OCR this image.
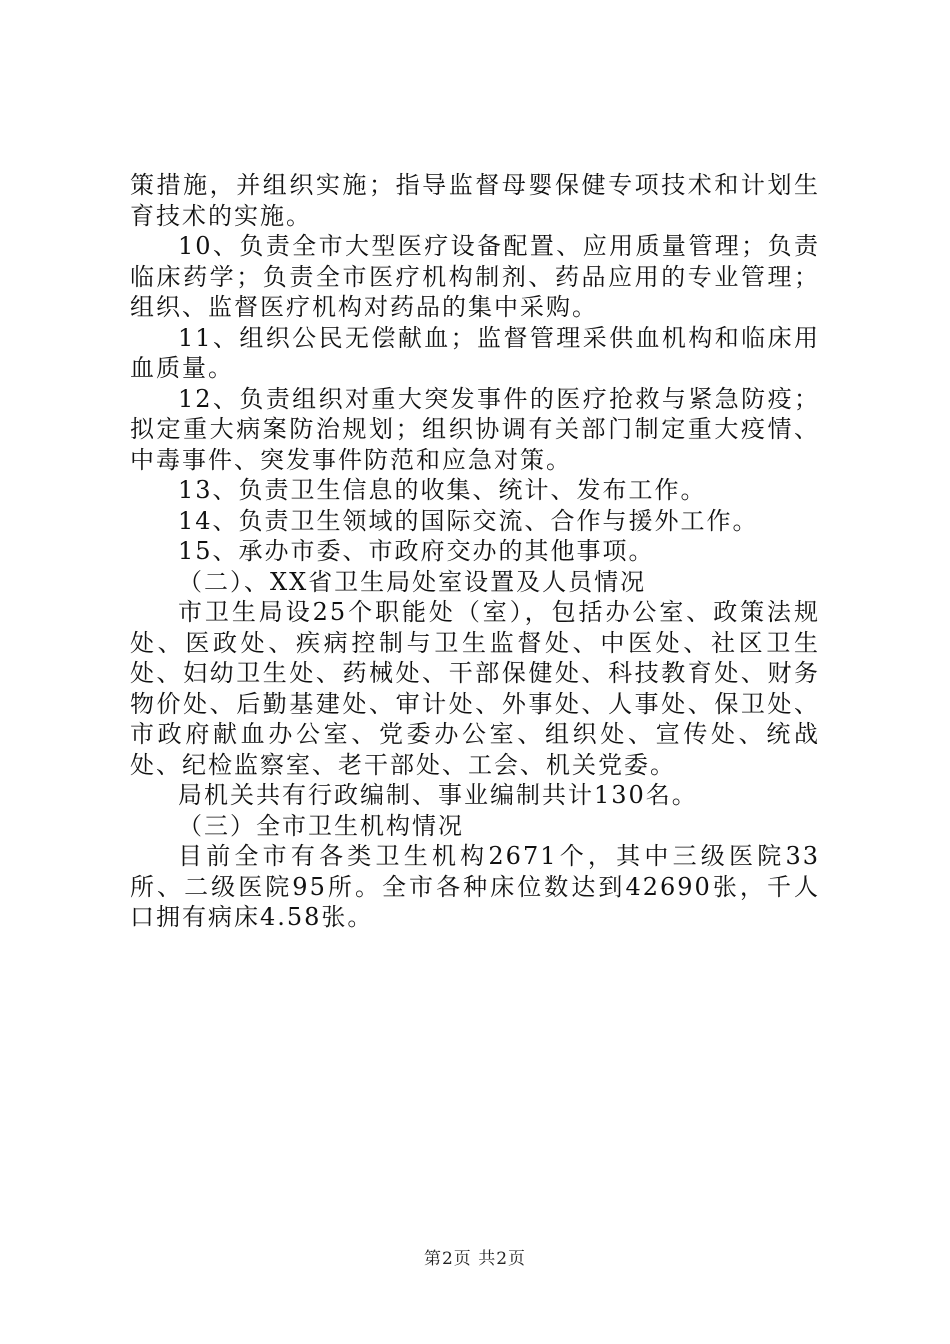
策措施，并组织实施；指导监督母婴保健专项技术和计划生育技术的实施。

10、负责全市大型医疗设备配置、应用质量管理；负责临床药学；负责全市医疗机构制剂、药品应用的专业管理；组织、监督医疗机构对药品的集中采购。

11、组织公民无偿献血；监督管理采供血机构和临床用血质量。

12、负责组织对重大突发事件的医疗抢救与紧急防疫；拟定重大病案防治规划；组织协调有关部门制定重大疫情、中毒事件、突发事件防范和应急对策。

13、负责卫生信息的收集、统计、发布工作。

14、负责卫生领域的国际交流、合作与援外工作。

15、承办市委、市政府交办的其他事项。

（二）、XX省卫生局处室设置及人员情况

市卫生局设25个职能处（室），包括办公室、政策法规处、医政处、疾病控制与卫生监督处、中医处、社区卫生处、妇幼卫生处、药械处、干部保健处、科技教育处、财务物价处、后勤基建处、审计处、外事处、人事处、保卫处、市政府献血办公室、党委办公室、组织处、宣传处、统战处、纪检监察室、老干部处、工会、机关党委。

局机关共有行政编制、事业编制共计130名。

（三）全市卫生机构情况

目前全市有各类卫生机构2671个，其中三级医院33所、二级医院95所。全市各种床位数达到42690张，千人口拥有病床4.58张。

第2页 共2页
